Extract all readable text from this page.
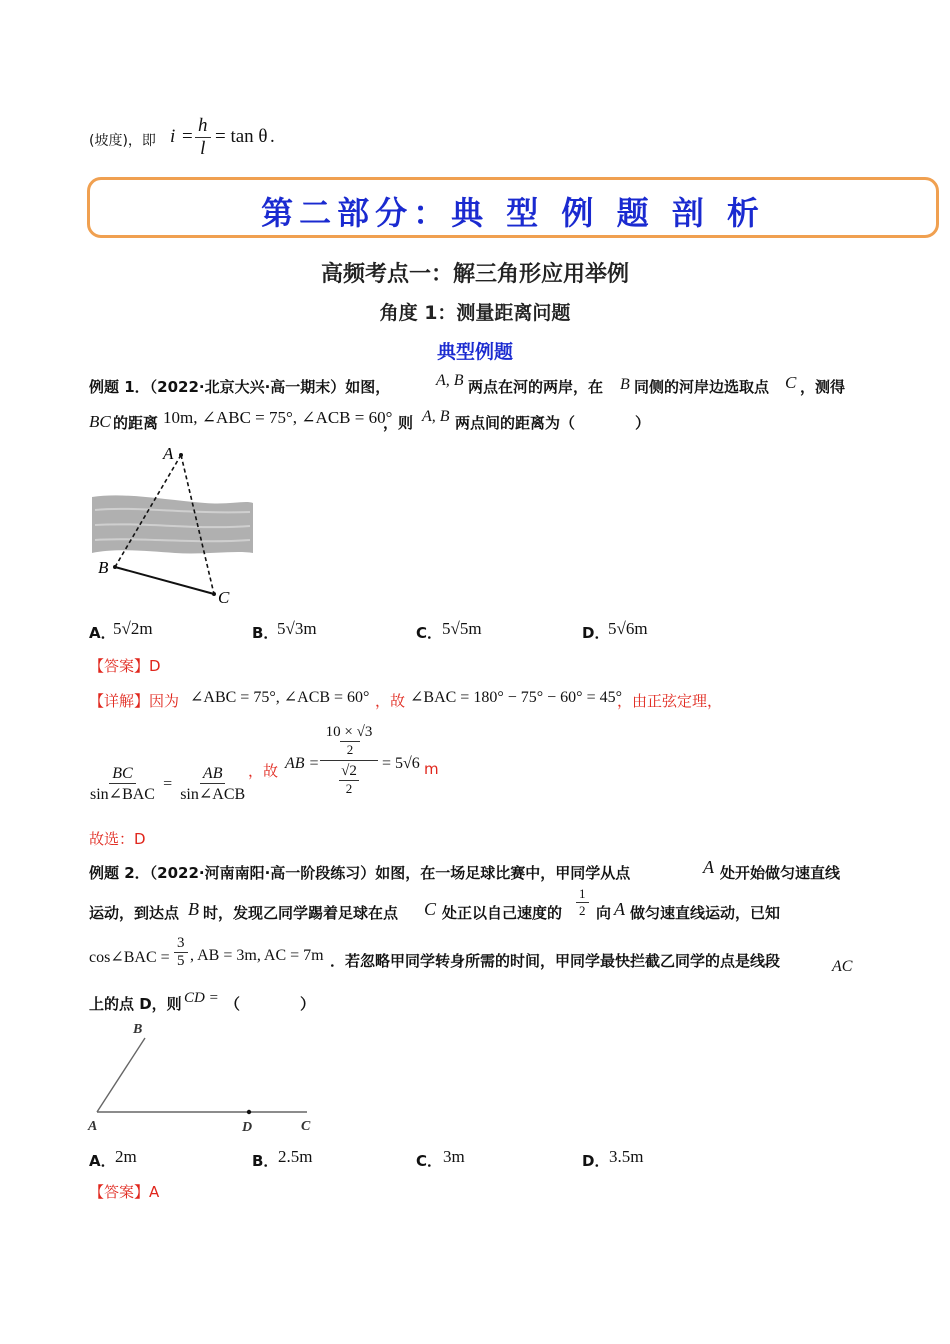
(坡度)，即 $i = \frac{h}{l} = \tan \theta$ .
第二部分：典 型 例 题 剖 析
高频考点一：解三角形应用举例
角度 1：测量距离问题
典型例题
例题 1．（2022·北京大兴·高一期末）如图，	A, B 两点在河的两岸，在 B 同侧的河岸边选取点 C ，测得
BC 的距离 10m, ∠ABC = 75°, ∠ACB = 60°
，则 A, B 两点间的距离为（　　　　）
A
B
C
A．
5√2m	B．
5√3m	C． 5√5m	D．
5√6m
【答案】D
【详解】因为 ∠ABC = 75°, ∠ACB = 60° ，故 ∠BAC = 180° − 75° − 60° = 45°
，由正弦定理，
$\frac{BC}{\text{sin∠BAC}} = \frac{AB}{\text{sin∠ACB}}$ ，故 AB =
10 × √3
2
√2
2
= 5√6 m
故选：D
例题 2．（2022·河南南阳·高一阶段练习）如图，在一场足球比赛中，甲同学从点	A 处开始做匀速直线
运动，到达点 B 时，发现乙同学踢着足球在点 C 处正以自己速度的 $\frac{1}{2}$ 向 A 做匀速直线运动，已知
cos∠BAC = $\frac{3}{5}$ , AB = 3m, AC = 7m ．若忽略甲同学转身所需的时间，甲同学最快拦截乙同学的点是线段	AC
上的点 D，则 CD = （　　　　）
B
A	D	C
A． 2m	B． 2.5m	C． 3m	D． 3.5m
【答案】A
